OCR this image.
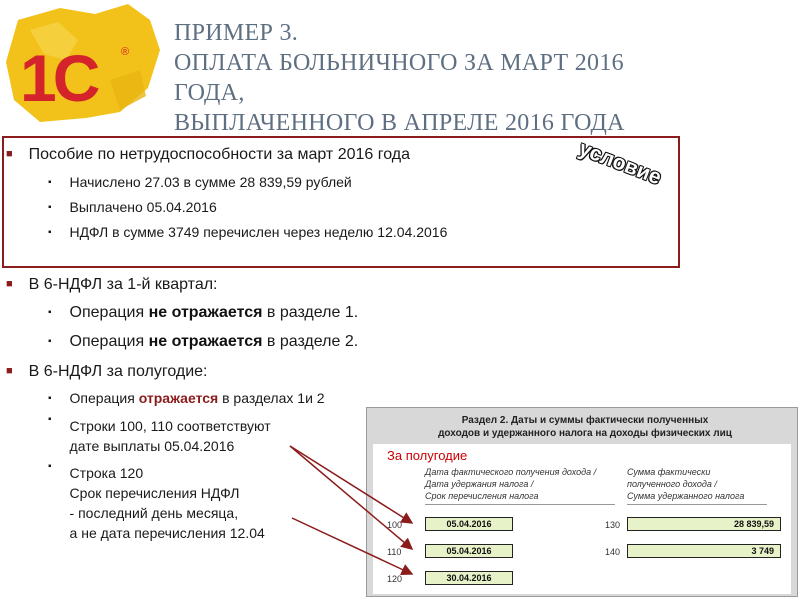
1С ®
ПРИМЕР 3.
ОПЛАТА БОЛЬНИЧНОГО ЗА МАРТ 2016
ГОДА,
ВЫПЛАЧЕННОГО В АПРЕЛЕ 2016 ГОДА
условие
■ Пособие по нетрудоспособности за март 2016 года
▪ Начислено 27.03 в сумме 28 839,59 рублей
▪ Выплачено 05.04.2016
▪ НДФЛ в сумме 3749 перечислен через неделю 12.04.2016
■ В 6-НДФЛ за 1-й квартал:
▪ Операция не отражается в разделе 1.
▪ Операция не отражается в разделе 2.
■ В 6-НДФЛ за полугодие:
▪ Операция отражается в разделах 1и 2
▪ Строки 100, 110 соответствуют
дате выплаты 05.04.2016
▪ Строка 120
Срок перечисления НДФЛ
- последний день месяца,
а не дата перечисления 12.04
Раздел 2. Даты и суммы фактически полученных
доходов и удержанного налога на доходы физических лиц
За полугодие
Дата фактического получения дохода /
Дата удержания налога /
Срок перечисления налога
Сумма фактически
полученного дохода /
Сумма удержанного налога
100	05.04.2016	130	28 839,59
110	05.04.2016	140	3 749
120	30.04.2016
